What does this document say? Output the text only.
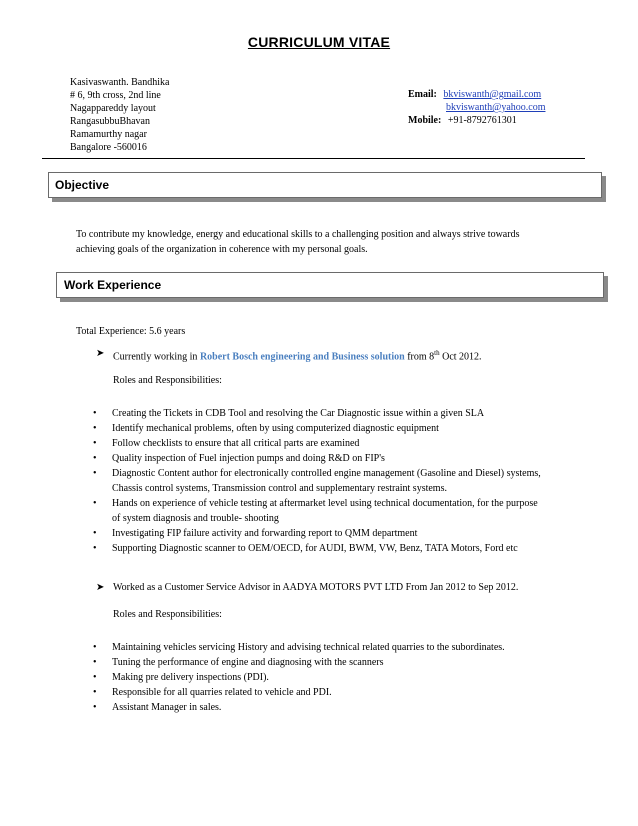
CURRICULUM VITAE
Kasivaswanth. Bandhika
# 6, 9th cross, 2nd line
Nagappareddy layout
RangasubbuBhavan
Ramamurthy nagar
Bangalore -560016
Email: bkviswanth@gmail.com
bkviswanth@yahoo.com
Mobile: +91-8792761301
Objective
To contribute my knowledge, energy and educational skills to a challenging position and always strive towards
achieving goals of the organization in coherence with my personal goals.
Work Experience
Total Experience: 5.6 years
➤ Currently working in Robert Bosch engineering and Business solution from 8th Oct 2012.
Roles and Responsibilities:
• Creating the Tickets in CDB Tool and resolving the Car Diagnostic issue within a given SLA
• Identify mechanical problems, often by using computerized diagnostic equipment
• Follow checklists to ensure that all critical parts are examined
• Quality inspection of Fuel injection pumps and doing R&D on FIP's
• Diagnostic Content author for electronically controlled engine management (Gasoline and Diesel) systems,
Chassis control systems, Transmission control and supplementary restraint systems.
• Hands on experience of vehicle testing at aftermarket level using technical documentation, for the purpose
of system diagnosis and trouble- shooting
• Investigating FIP failure activity and forwarding report to QMM department
• Supporting Diagnostic scanner to OEM/OECD, for AUDI, BWM, VW, Benz, TATA Motors, Ford etc
➤ Worked as a Customer Service Advisor in AADYA MOTORS PVT LTD From Jan 2012 to Sep 2012.
Roles and Responsibilities:
• Maintaining vehicles servicing History and advising technical related quarries to the subordinates.
• Tuning the performance of engine and diagnosing with the scanners
• Making pre delivery inspections (PDI).
• Responsible for all quarries related to vehicle and PDI.
• Assistant Manager in sales.
